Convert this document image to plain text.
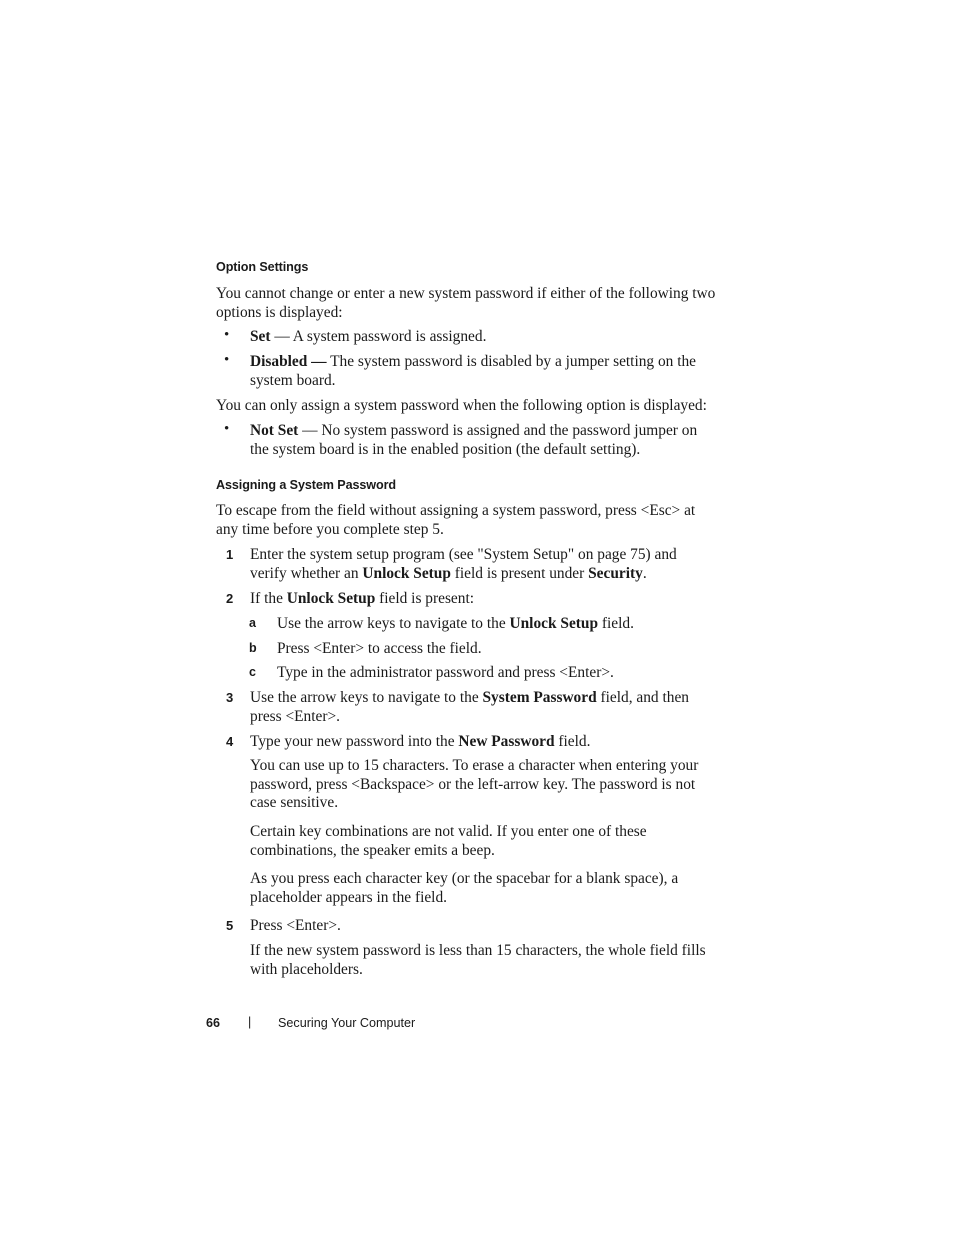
Option Settings
You cannot change or enter a new system password if either of the following two options is displayed:
• Set — A system password is assigned.
• Disabled — The system password is disabled by a jumper setting on the system board.
You can only assign a system password when the following option is displayed:
• Not Set — No system password is assigned and the password jumper on the system board is in the enabled position (the default setting).
Assigning a System Password
To escape from the field without assigning a system password, press <Esc> at any time before you complete step 5.
1 Enter the system setup program (see "System Setup" on page 75) and verify whether an Unlock Setup field is present under Security.
2 If the Unlock Setup field is present:
a Use the arrow keys to navigate to the Unlock Setup field.
b Press <Enter> to access the field.
c Type in the administrator password and press <Enter>.
3 Use the arrow keys to navigate to the System Password field, and then press <Enter>.
4 Type your new password into the New Password field.
You can use up to 15 characters. To erase a character when entering your password, press <Backspace> or the left-arrow key. The password is not case sensitive.
Certain key combinations are not valid. If you enter one of these combinations, the speaker emits a beep.
As you press each character key (or the spacebar for a blank space), a placeholder appears in the field.
5 Press <Enter>.
If the new system password is less than 15 characters, the whole field fills with placeholders.
66 | Securing Your Computer
